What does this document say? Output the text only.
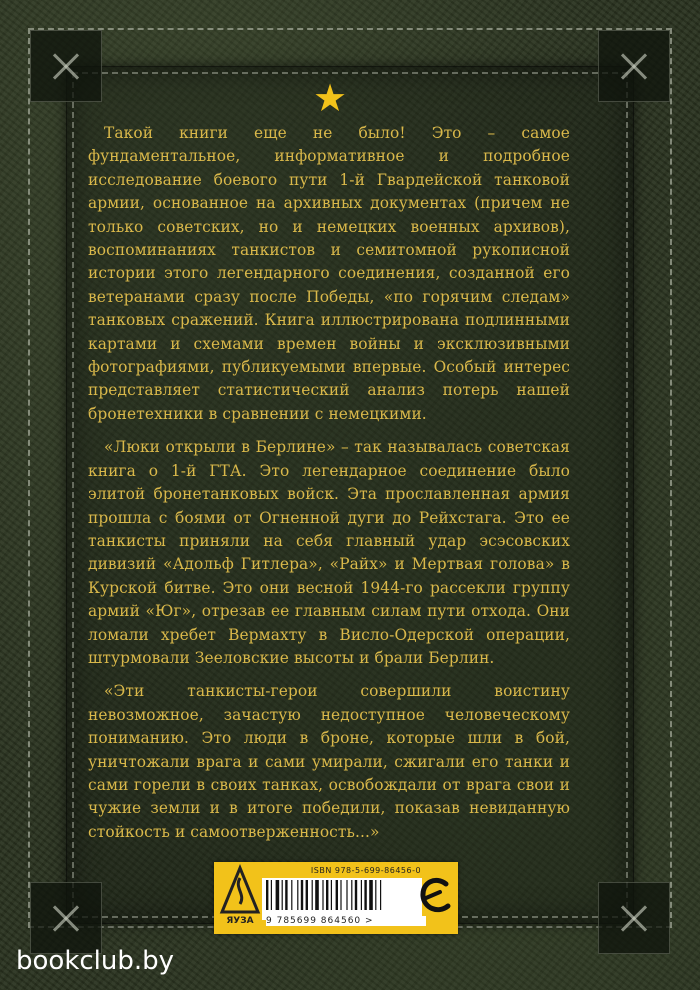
★

Такой книги еще не было! Это – самое фундаментальное, информативное и подробное исследование боевого пути 1-й Гвардейской танковой армии, основанное на архивных документах (причем не только советских, но и немецких военных архивов), воспоминаниях танкистов и семитомной рукописной истории этого легендарного соединения, созданной его ветеранами сразу после Победы, «по горячим следам» танковых сражений. Книга иллюстрирована подлинными картами и схемами времен войны и эксклюзивными фотографиями, публикуемыми впервые. Особый интерес представляет статистический анализ потерь нашей бронетехники в сравнении с немецкими.

«Люки открыли в Берлине» – так называлась советская книга о 1-й ГТА. Это легендарное соединение было элитой бронетанковых войск. Эта прославленная армия прошла с боями от Огненной дуги до Рейхстага. Это ее танкисты приняли на себя главный удар эсэсовских дивизий «Адольф Гитлера», «Райх» и Мертвая голова» в Курской битве. Это они весной 1944-го рассекли группу армий «Юг», отрезав ее главным силам пути отхода. Они ломали хребет Вермахту в Висло-Одерской операции, штурмовали Зееловские высоты и брали Берлин.

«Эти танкисты-герои совершили воистину невозможное, зачастую недоступное человеческому пониманию. Это люди в броне, которые шли в бой, уничтожали врага и сами умирали, сжигали его танки и сами горели в своих танках, освобождали от врага свои и чужие земли и в итоге победили, показав невиданную стойкость и самоотверженность...»

ЯУЗА
ISBN 978-5-699-86456-0
9 785699 864560 >
bookclub.by
